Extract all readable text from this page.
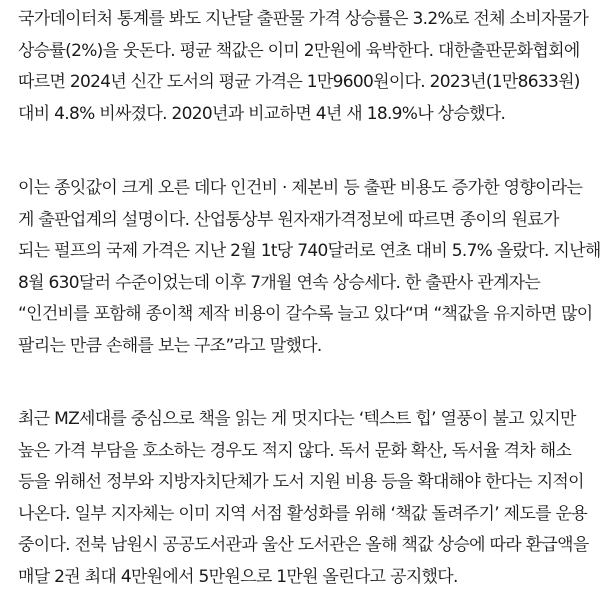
국가데이터처 통계를 봐도 지난달 출판물 가격 상승률은 3.2%로 전체 소비자물가
상승률(2%)을 웃돈다. 평균 책값은 이미 2만원에 육박한다. 대한출판문화협회에
따르면 2024년 신간 도서의 평균 가격은 1만9600원이다. 2023년(1만8633원)
대비 4.8% 비싸졌다. 2020년과 비교하면 4년 새 18.9%나 상승했다.

이는 종잇값이 크게 오른 데다 인건비 · 제본비 등 출판 비용도 증가한 영향이라는
게 출판업계의 설명이다. 산업통상부 원자재가격정보에 따르면 종이의 원료가
되는 펄프의 국제 가격은 지난 2월 1t당 740달러로 연초 대비 5.7% 올랐다. 지난해
8월 630달러 수준이었는데 이후 7개월 연속 상승세다. 한 출판사 관계자는
“인건비를 포함해 종이책 제작 비용이 갈수록 늘고 있다“며 “책값을 유지하면 많이
팔리는 만큼 손해를 보는 구조”라고 말했다.

최근 MZ세대를 중심으로 책을 읽는 게 멋지다는 ‘텍스트 힙’ 열풍이 불고 있지만
높은 가격 부담을 호소하는 경우도 적지 않다. 독서 문화 확산, 독서율 격차 해소
등을 위해선 정부와 지방자치단체가 도서 지원 비용 등을 확대해야 한다는 지적이
나온다. 일부 지자체는 이미 지역 서점 활성화를 위해 ‘책값 돌려주기’ 제도를 운용
중이다. 전북 남원시 공공도서관과 울산 도서관은 올해 책값 상승에 따라 환급액을
매달 2권 최대 4만원에서 5만원으로 1만원 올린다고 공지했다.
